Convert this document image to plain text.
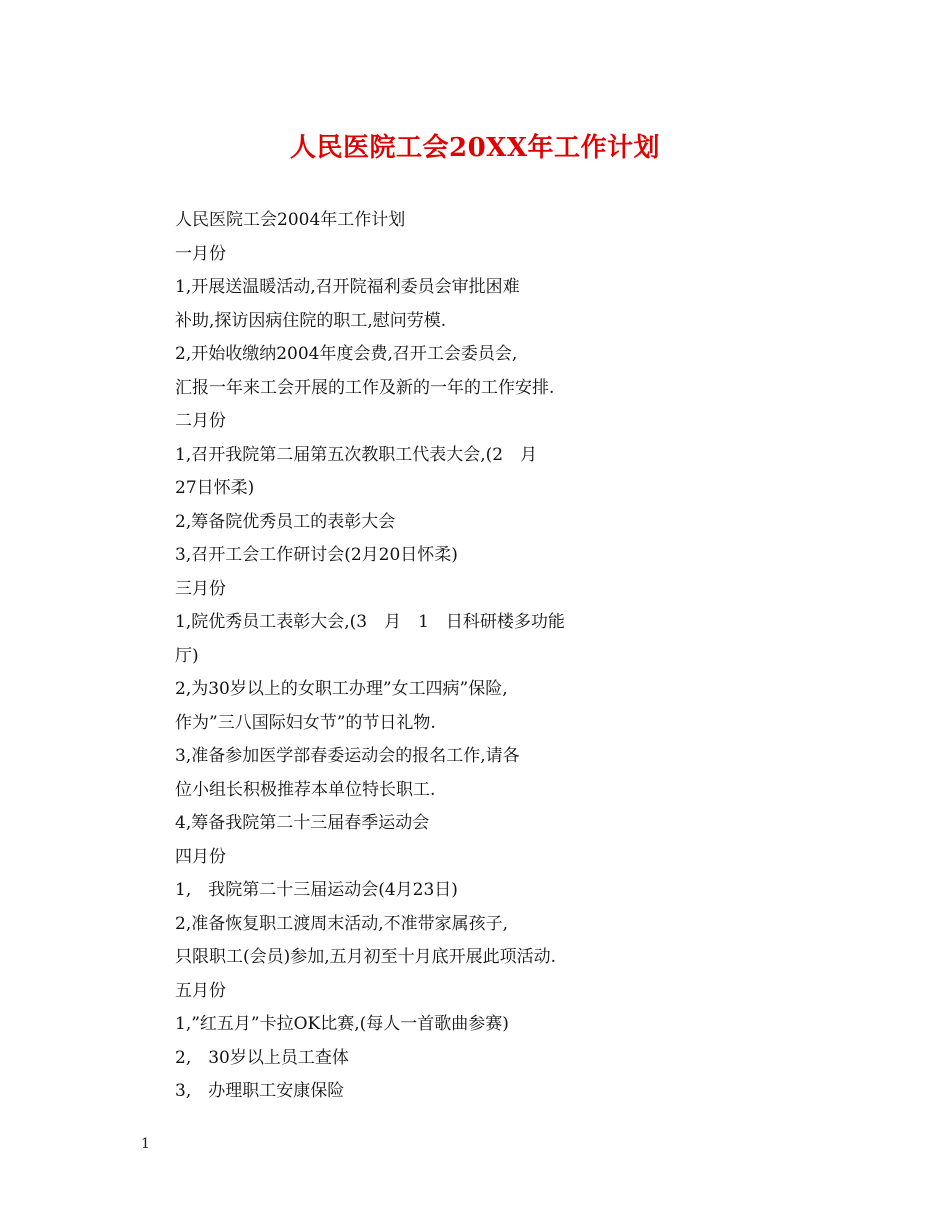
人民医院工会20XX年工作计划
人民医院工会2004年工作计划
一月份
1,开展送温暖活动,召开院福利委员会审批困难
补助,探访因病住院的职工,慰问劳模.
2,开始收缴纳2004年度会费,召开工会委员会,
汇报一年来工会开展的工作及新的一年的工作安排.
二月份
1,召开我院第二届第五次教职工代表大会,(2　月
27日怀柔)
2,筹备院优秀员工的表彰大会
3,召开工会工作研讨会(2月20日怀柔)
三月份
1,院优秀员工表彰大会,(3　月　1　日科研楼多功能
厅)
2,为30岁以上的女职工办理”女工四病”保险,
作为”三八国际妇女节”的节日礼物.
3,准备参加医学部春委运动会的报名工作,请各
位小组长积极推荐本单位特长职工.
4,筹备我院第二十三届春季运动会
四月份
1,　我院第二十三届运动会(4月23日)
2,准备恢复职工渡周末活动,不准带家属孩子,
只限职工(会员)参加,五月初至十月底开展此项活动.
五月份
1,”红五月”卡拉OK比赛,(每人一首歌曲参赛)
2,　30岁以上员工查体
3,　办理职工安康保险
1
